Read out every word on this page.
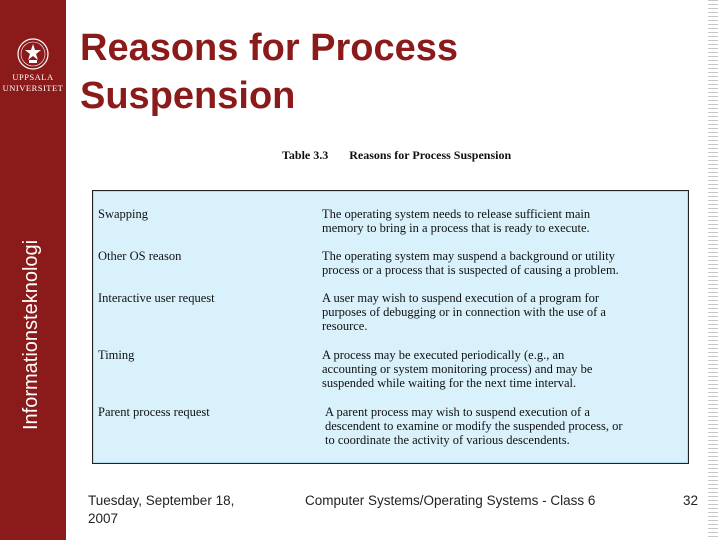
UPPSALA
UNIVERSITET
Informationsteknologi
Reasons for Process
Suspension
Table 3.3 Reasons for Process Suspension
Swapping	The operating system needs to release sufficient main
memory to bring in a process that is ready to execute.
Other OS reason	The operating system may suspend a background or utility
process or a process that is suspected of causing a problem.
Interactive user request	A user may wish to suspend execution of a program for
purposes of debugging or in connection with the use of a
resource.
Timing	A process may be executed periodically (e.g., an
accounting or system monitoring process) and may be
suspended while waiting for the next time interval.
Parent process request	A parent process may wish to suspend execution of a
descendent to examine or modify the suspended process, or
to coordinate the activity of various descendents.
Tuesday, September 18,
2007
Computer Systems/Operating Systems - Class 6	32
